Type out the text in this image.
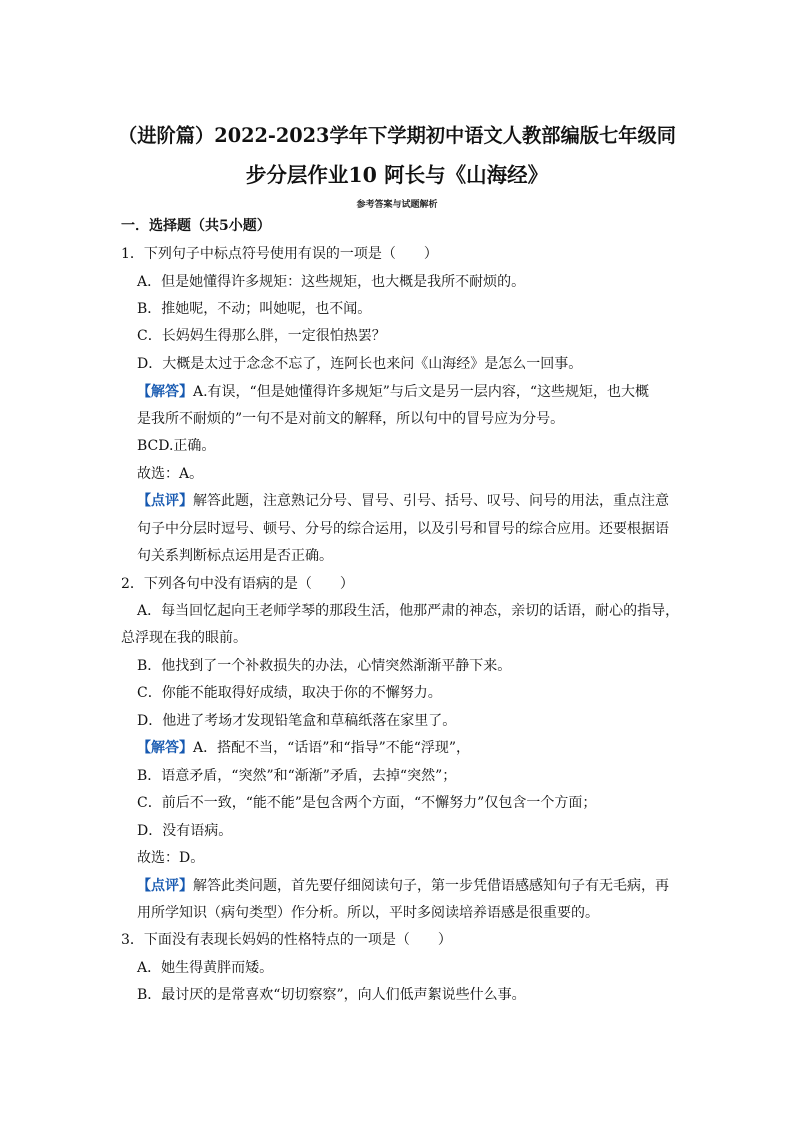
（进阶篇）2022-2023学年下学期初中语文人教部编版七年级同
步分层作业10 阿长与《山海经》
参考答案与试题解析
一．选择题（共5小题）
1．下列句子中标点符号使用有误的一项是（　　）
A．但是她懂得许多规矩：这些规矩，也大概是我所不耐烦的。
B．推她呢，不动；叫她呢，也不闻。
C．长妈妈生得那么胖，一定很怕热罢？
D．大概是太过于念念不忘了，连阿长也来问《山海经》是怎么一回事。
【解答】A.有误，“但是她懂得许多规矩”与后文是另一层内容，“这些规矩，也大概
是我所不耐烦的”一句不是对前文的解释，所以句中的冒号应为分号。
BCD.正确。
故选：A。
【点评】解答此题，注意熟记分号、冒号、引号、括号、叹号、问号的用法，重点注意
句子中分层时逗号、顿号、分号的综合运用，以及引号和冒号的综合应用。还要根据语
句关系判断标点运用是否正确。
2．下列各句中没有语病的是（　　）
A．每当回忆起向王老师学琴的那段生活，他那严肃的神态，亲切的话语，耐心的指导，
总浮现在我的眼前。
B．他找到了一个补救损失的办法，心情突然渐渐平静下来。
C．你能不能取得好成绩，取决于你的不懈努力。
D．他进了考场才发现铅笔盒和草稿纸落在家里了。
【解答】A．搭配不当，“话语”和“指导”不能“浮现”，
B．语意矛盾，“突然”和“渐渐”矛盾，去掉“突然”；
C．前后不一致，“能不能”是包含两个方面，“不懈努力”仅包含一个方面；
D．没有语病。
故选：D。
【点评】解答此类问题，首先要仔细阅读句子，第一步凭借语感感知句子有无毛病，再
用所学知识（病句类型）作分析。所以，平时多阅读培养语感是很重要的。
3．下面没有表现长妈妈的性格特点的一项是（　　）
A．她生得黄胖而矮。
B．最讨厌的是常喜欢“切切察察”，向人们低声絮说些什么事。
